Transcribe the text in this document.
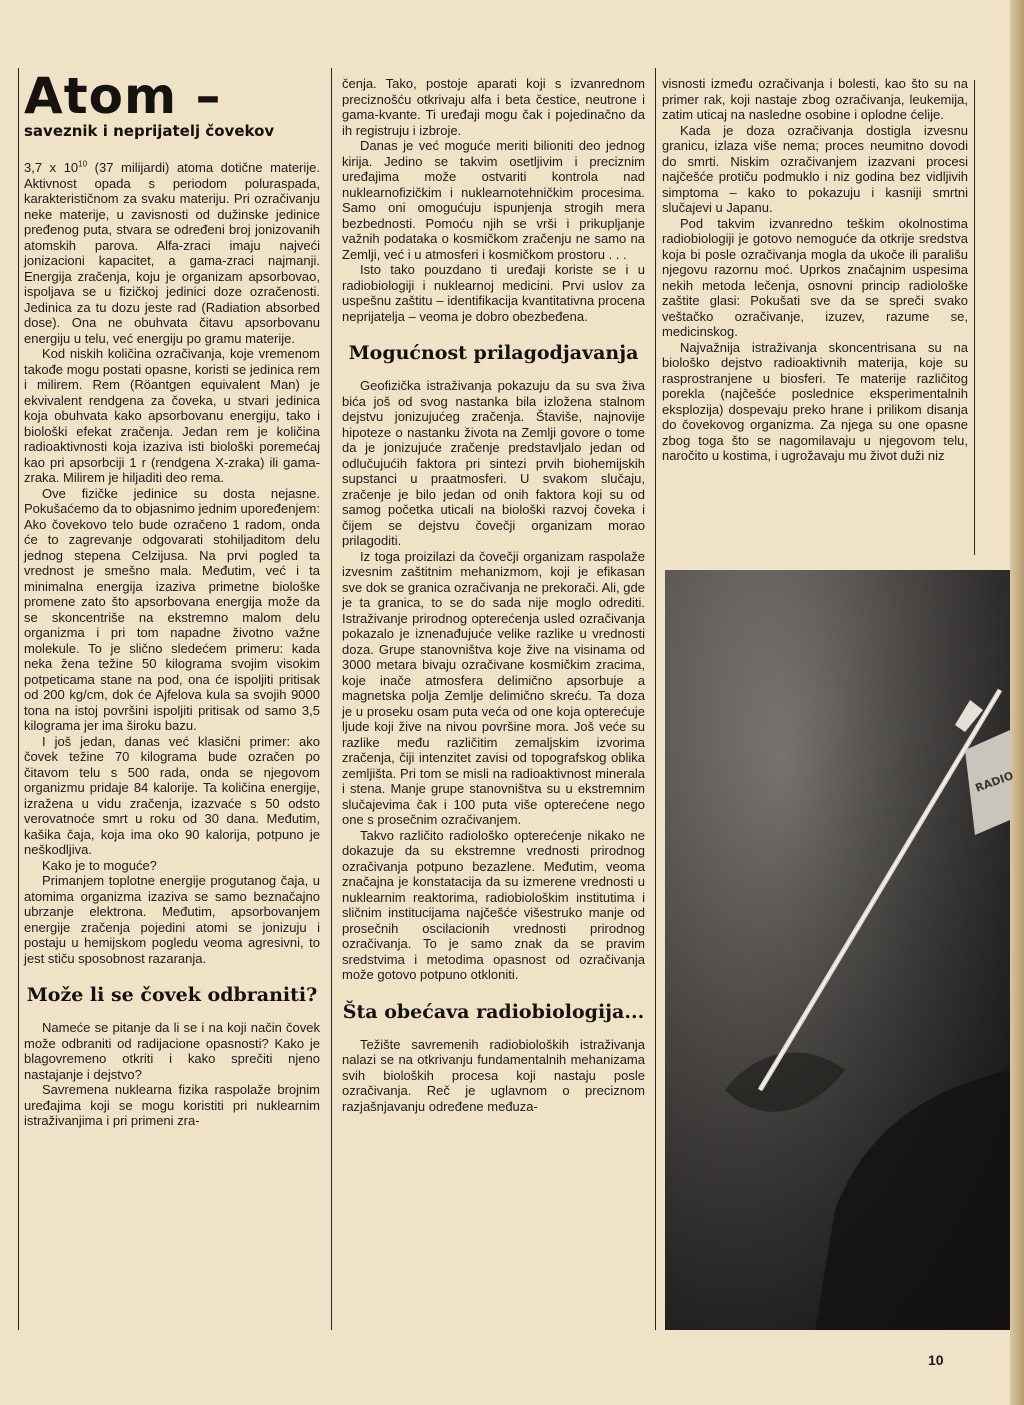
Atom –
saveznik i neprijatelj čovekov

3,7 x $10^{10}$ (37 milijardi) atoma dotične materije. Aktivnost opada s periodom poluraspada, karakterističnom za svaku materiju. Pri ozračivanju neke materije, u zavisnosti od dužinske jedinice pređenog puta, stvara se određeni broj jonizovanih atomskih parova. Alfa-zraci imaju najveći jonizacioni kapacitet, a gama-zraci najmanji. Energija zračenja, koju je organizam apsorbovao, ispoljava se u fizičkoj jedinici doze ozračenosti. Jedinica za tu dozu jeste rad (Radiation absorbed dose). Ona ne obuhvata čitavu apsorbovanu energiju u telu, već energiju po gramu materije.

Kod niskih količina ozračivanja, koje vremenom takođe mogu postati opasne, koristi se jedinica rem i milirem. Rem (Röantgen equivalent Man) je ekvivalent rendgena za čoveka, u stvari jedinica koja obuhvata kako apsorbovanu energiju, tako i biološki efekat zračenja. Jedan rem je količina radioaktivnosti koja izaziva isti biološki poremećaj kao pri apsorbciji 1 r (rendgena X-zraka) ili gama-zraka. Milirem je hiljaditi deo rema.

Ove fizičke jedinice su dosta nejasne. Pokušaćemo da to objasnimo jednim upoređenjem: Ako čovekovo telo bude ozračeno 1 radom, onda će to zagrevanje odgovarati stohiljaditom delu jednog stepena Celzijusa. Na prvi pogled ta vrednost je smešno mala. Međutim, već i ta minimalna energija izaziva primetne biološke promene zato što apsorbovana energija može da se skoncentriše na ekstremno malom delu organizma i pri tom napadne životno važne molekule. To je slično sledećem primeru: kada neka žena težine 50 kilograma svojim visokim potpeticama stane na pod, ona će ispoljiti pritisak od 200 kg/cm, dok će Ajfelova kula sa svojih 9000 tona na istoj površini ispoljiti pritisak od samo 3,5 kilograma jer ima široku bazu.

I još jedan, danas već klasični primer: ako čovek težine 70 kilograma bude ozračen po čitavom telu s 500 rada, onda se njegovom organizmu pridaje 84 kalorije. Ta količina energije, izražena u vidu zračenja, izazvaće s 50 odsto verovatnoće smrt u roku od 30 dana. Međutim, kašika čaja, koja ima oko 90 kalorija, potpuno je neškodljiva.

Kako je to moguće?

Primanjem toplotne energije progutanog čaja, u atomima organizma izaziva se samo beznačajno ubrzanje elektrona. Međutim, apsorbovanjem energije zračenja pojedini atomi se jonizuju i postaju u hemijskom pogledu veoma agresivni, to jest stiču sposobnost razaranja.

Može li se čovek odbraniti?

Nameće se pitanje da li se i na koji način čovek može odbraniti od radijacione opasnosti? Kako je blagovremeno otkriti i kako sprečiti njeno nastajanje i dejstvo?

Savremena nuklearna fizika raspolaže brojnim uređajima koji se mogu koristiti pri nuklearnim istraživanjima i pri primeni zra-

čenja. Tako, postoje aparati koji s izvanrednom preciznošću otkrivaju alfa i beta čestice, neutrone i gama-kvante. Ti uređaji mogu čak i pojedinačno da ih registruju i izbroje.

Danas je već moguće meriti bilioniti deo jednog kirija. Jedino se takvim osetljivim i preciznim uređajima može ostvariti kontrola nad nuklearnofizičkim i nuklearnotehničkim procesima. Samo oni omogućuju ispunjenja strogih mera bezbednosti. Pomoću njih se vrši i prikupljanje važnih podataka o kosmičkom zračenju ne samo na Zemlji, već i u atmosferi i kosmičkom prostoru . . .

Isto tako pouzdano ti uređaji koriste se i u radiobiologiji i nuklearnoj medicini. Prvi uslov za uspešnu zaštitu – identifikacija kvantitativna procena neprijatelja – veoma je dobro obezbeđena.

Mogućnost prilagodjavanja

Geofizička istraživanja pokazuju da su sva živa bića još od svog nastanka bila izložena stalnom dejstvu jonizujućeg zračenja. Štaviše, najnovije hipoteze o nastanku života na Zemlji govore o tome da je jonizujuće zračenje predstavljalo jedan od odlučujućih faktora pri sintezi prvih biohemijskih supstanci u praatmosferi. U svakom slučaju, zračenje je bilo jedan od onih faktora koji su od samog početka uticali na biološki razvoj čoveka i čijem se dejstvu čovečji organizam morao prilagoditi.

Iz toga proizilazi da čovečji organizam raspolaže izvesnim zaštitnim mehanizmom, koji je efikasan sve dok se granica ozračivanja ne prekorači. Ali, gde je ta granica, to se do sada nije moglo odrediti. Istraživanje prirodnog opterećenja usled ozračivanja pokazalo je iznenađujuće velike razlike u vrednosti doza. Grupe stanovništva koje žive na visinama od 3000 metara bivaju ozračivane kosmičkim zracima, koje inače atmosfera delimično apsorbuje a magnetska polja Zemlje delimično skreću. Ta doza je u proseku osam puta veća od one koja opterećuje ljude koji žive na nivou površine mora. Još veće su razlike među različitim zemaljskim izvorima zračenja, čiji intenzitet zavisi od topografskog oblika zemljišta. Pri tom se misli na radioaktivnost minerala i stena. Manje grupe stanovništva su u ekstremnim slučajevima čak i 100 puta više opterećene nego one s prosečnim ozračivanjem.

Takvo različito radiološko opterećenje nikako ne dokazuje da su ekstremne vrednosti prirodnog ozračivanja potpuno bezazlene. Međutim, veoma značajna je konstatacija da su izmerene vrednosti u nuklearnim reaktorima, radiobiološkim institutima i sličnim institucijama najčešće višestruko manje od prosečnih oscilacionih vrednosti prirodnog ozračivanja. To je samo znak da se pravim sredstvima i metodima opasnost od ozračivanja može gotovo potpuno otkloniti.

Šta obećava radiobiologija...

Težište savremenih radiobioloških istraživanja nalazi se na otkrivanju fundamentalnih mehanizama svih bioloških procesa koji nastaju posle ozračivanja. Reč je uglavnom o preciznom razjašnjavanju određene međuza-

visnosti između ozračivanja i bolesti, kao što su na primer rak, koji nastaje zbog ozračivanja, leukemija, zatim uticaj na nasledne osobine i oplodne ćelije.

Kada je doza ozračivanja dostigla izvesnu granicu, izlaza više nema; proces neumitno dovodi do smrti. Niskim ozračivanjem izazvani procesi najčešće protiču podmuklo i niz godina bez vidljivih simptoma – kako to pokazuju i kasniji smrtni slučajevi u Japanu.

Pod takvim izvanredno teškim okolnostima radiobiologiji je gotovo nemoguće da otkrije sredstva koja bi posle ozračivanja mogla da ukoče ili parališu njegovu razornu moć. Uprkos značajnim uspesima nekih metoda lečenja, osnovni princip radiološke zaštite glasi: Pokušati sve da se spreči svako veštačko ozračivanje, izuzev, razume se, medicinskog.

Najvažnija istraživanja skoncentrisana su na biološko dejstvo radioaktivnih materija, koje su rasprostranjene u biosferi. Te materije različitog porekla (najčešće poslednice eksperimentalnih eksplozija) dospevaju preko hrane i prilikom disanja do čovekovog organizma. Za njega su one opasne zbog toga što se nagomilavaju u njegovom telu, naročito u kostima, i ugrožavaju mu život duži niz

RADIO
10
